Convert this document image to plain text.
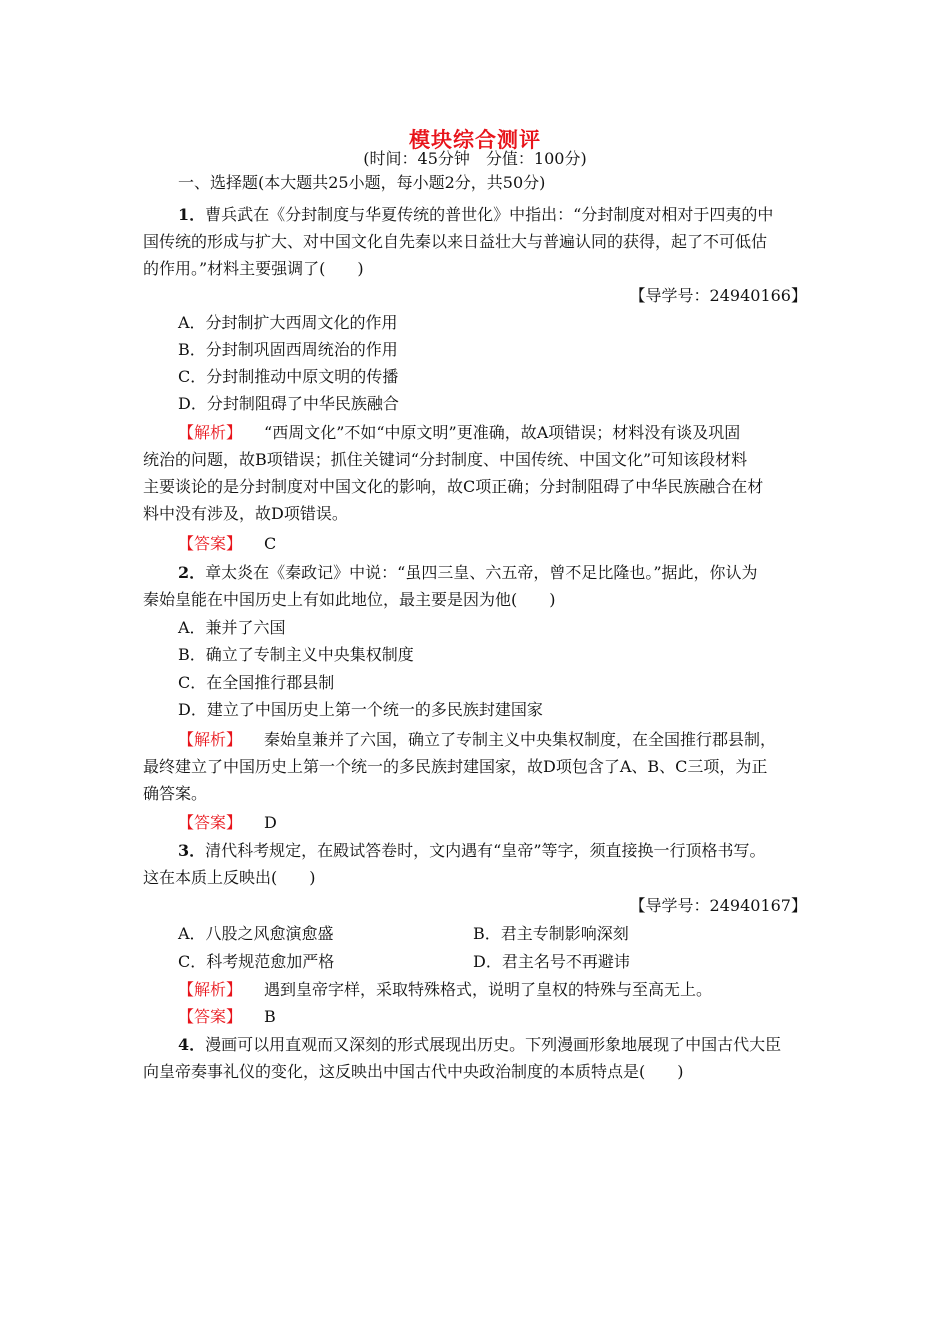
模块综合测评
(时间：45分钟　分值：100分)
一、选择题(本大题共25小题，每小题2分，共50分)
1．曹兵武在《分封制度与华夏传统的普世化》中指出：“分封制度对相对于四夷的中
国传统的形成与扩大、对中国文化自先秦以来日益壮大与普遍认同的获得，起了不可低估
的作用。”材料主要强调了(　　)
【导学号：24940166】
A．分封制扩大西周文化的作用
B．分封制巩固西周统治的作用
C．分封制推动中原文明的传播
D．分封制阻碍了中华民族融合
【解析】 “西周文化”不如“中原文明”更准确，故A项错误；材料没有谈及巩固
统治的问题，故B项错误；抓住关键词“分封制度、中国传统、中国文化”可知该段材料
主要谈论的是分封制度对中国文化的影响，故C项正确；分封制阻碍了中华民族融合在材
料中没有涉及，故D项错误。
【答案】 C
2．章太炎在《秦政记》中说：“虽四三皇、六五帝，曾不足比隆也。”据此，你认为
秦始皇能在中国历史上有如此地位，最主要是因为他(　　)
A．兼并了六国
B．确立了专制主义中央集权制度
C．在全国推行郡县制
D．建立了中国历史上第一个统一的多民族封建国家
【解析】 秦始皇兼并了六国，确立了专制主义中央集权制度，在全国推行郡县制，
最终建立了中国历史上第一个统一的多民族封建国家，故D项包含了A、B、C三项，为正
确答案。
【答案】 D
3．清代科考规定，在殿试答卷时，文内遇有“皇帝”等字，须直接换一行顶格书写。
这在本质上反映出(　　)
【导学号：24940167】
A．八股之风愈演愈盛	B．君主专制影响深刻
C．科考规范愈加严格	D．君主名号不再避讳
【解析】 遇到皇帝字样，采取特殊格式，说明了皇权的特殊与至高无上。
【答案】 B
4．漫画可以用直观而又深刻的形式展现出历史。下列漫画形象地展现了中国古代大臣
向皇帝奏事礼仪的变化，这反映出中国古代中央政治制度的本质特点是(　　)
